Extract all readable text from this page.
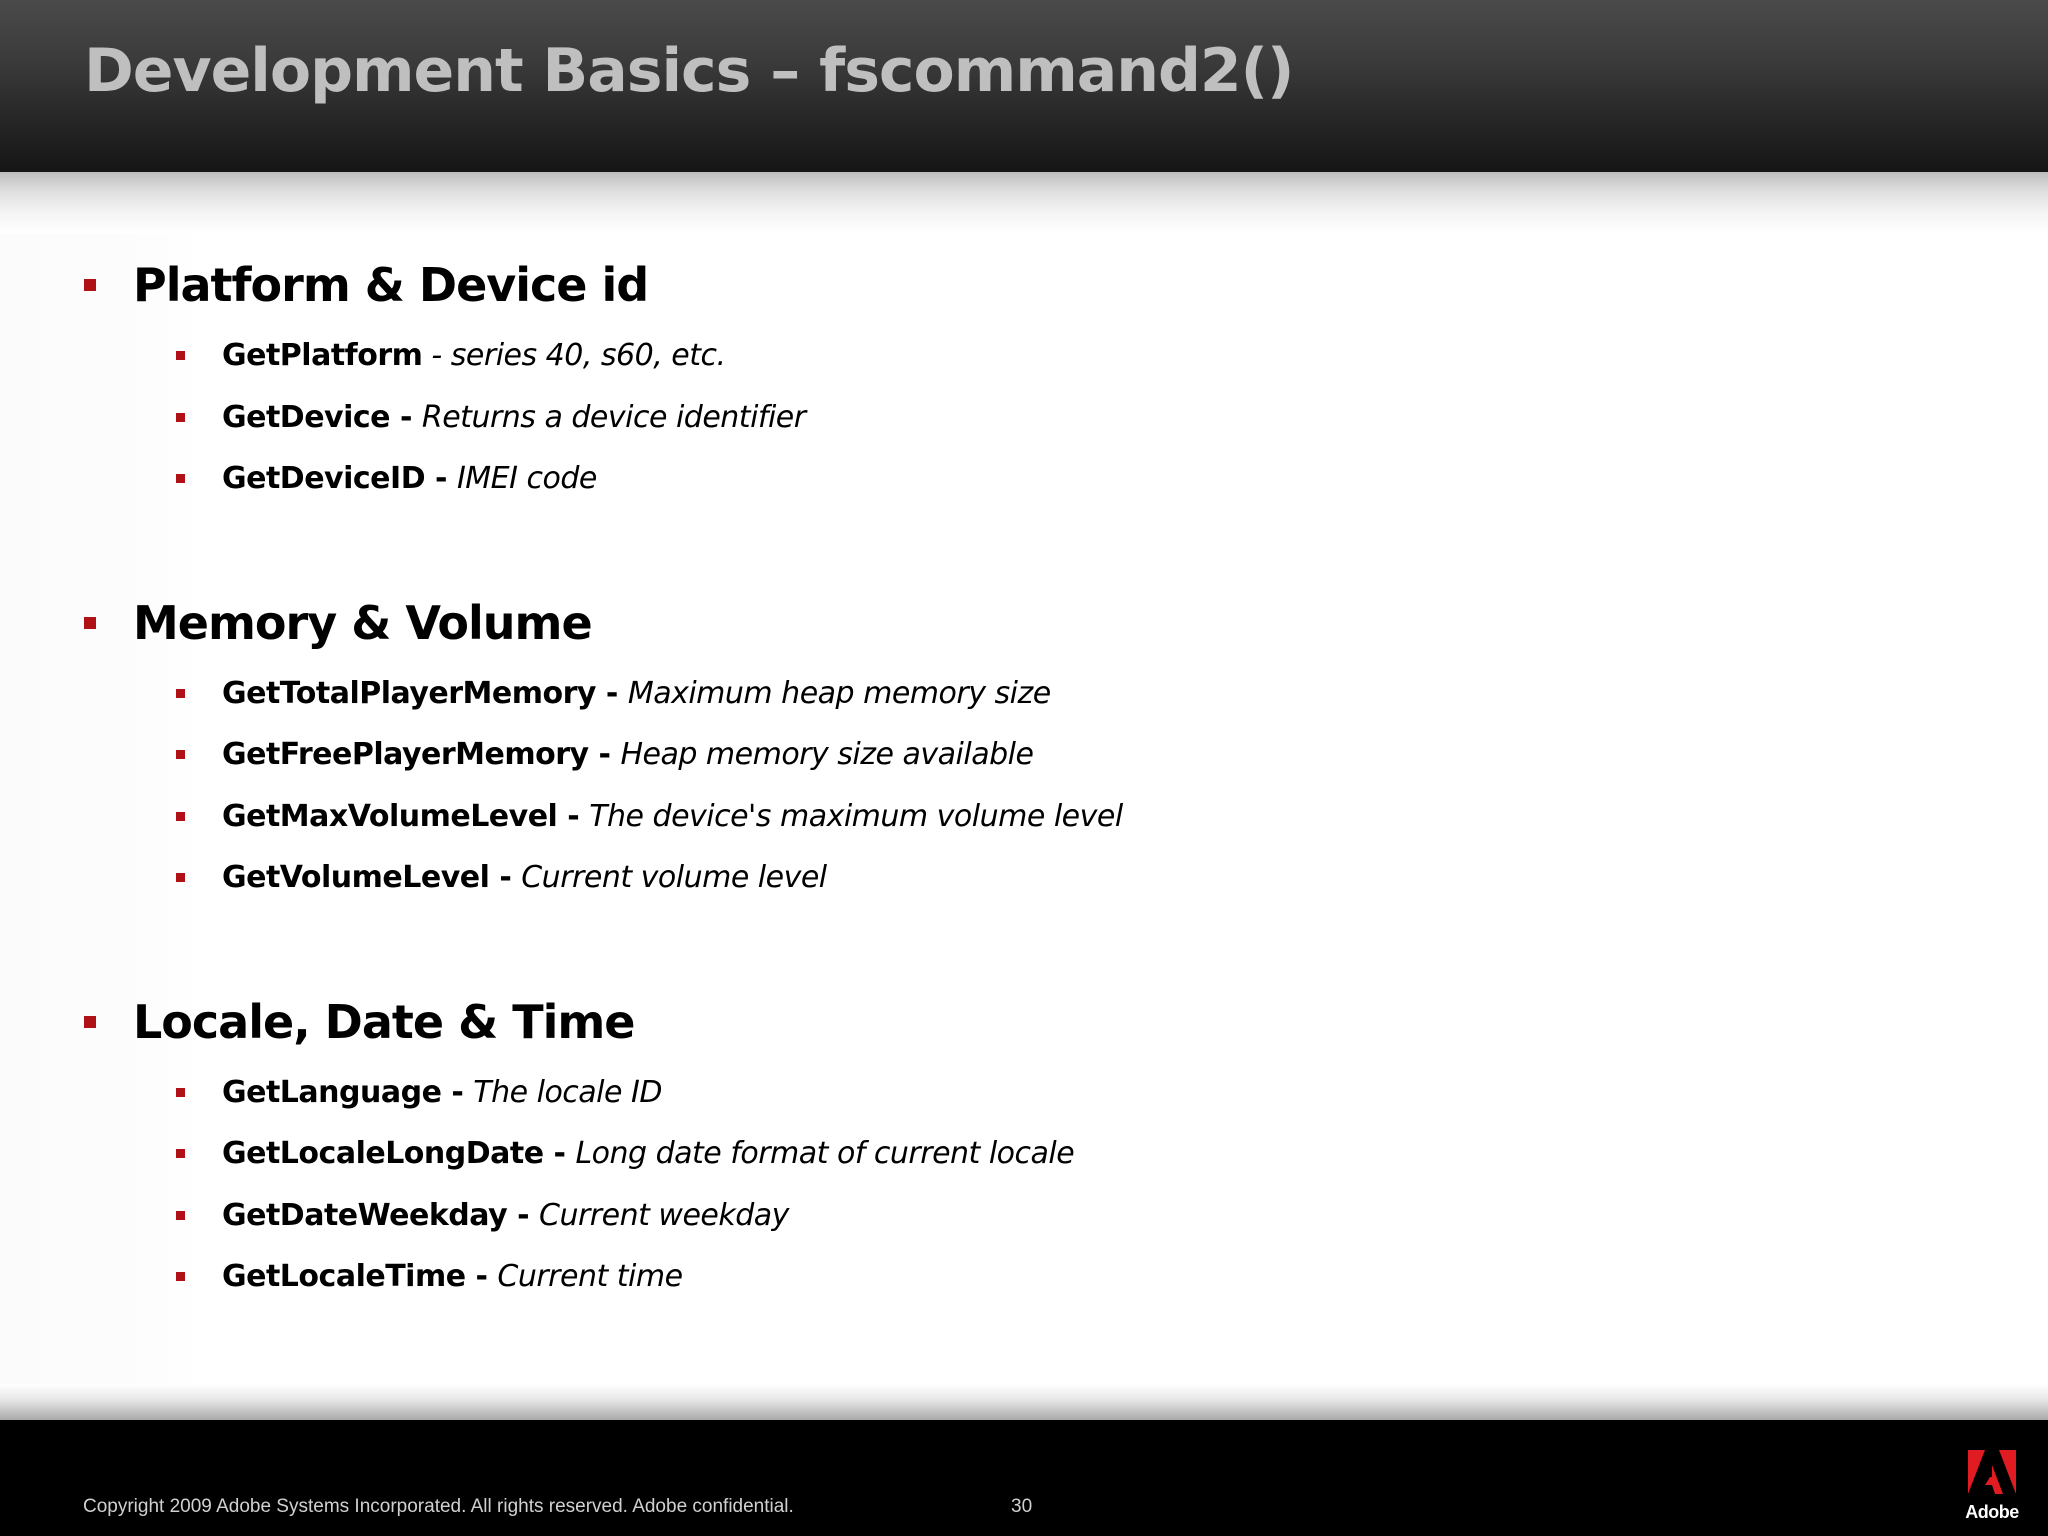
Development Basics – fscommand2()
Platform & Device id
GetPlatform - series 40, s60, etc.
GetDevice - Returns a device identifier
GetDeviceID - IMEI code
Memory & Volume
GetTotalPlayerMemory - Maximum heap memory size
GetFreePlayerMemory - Heap memory size available
GetMaxVolumeLevel - The device's maximum volume level
GetVolumeLevel - Current volume level
Locale, Date & Time
GetLanguage - The locale ID
GetLocaleLongDate - Long date format of current locale
GetDateWeekday - Current weekday
GetLocaleTime - Current time
Copyright 2009 Adobe Systems Incorporated. All rights reserved. Adobe confidential.	30	Adobe
